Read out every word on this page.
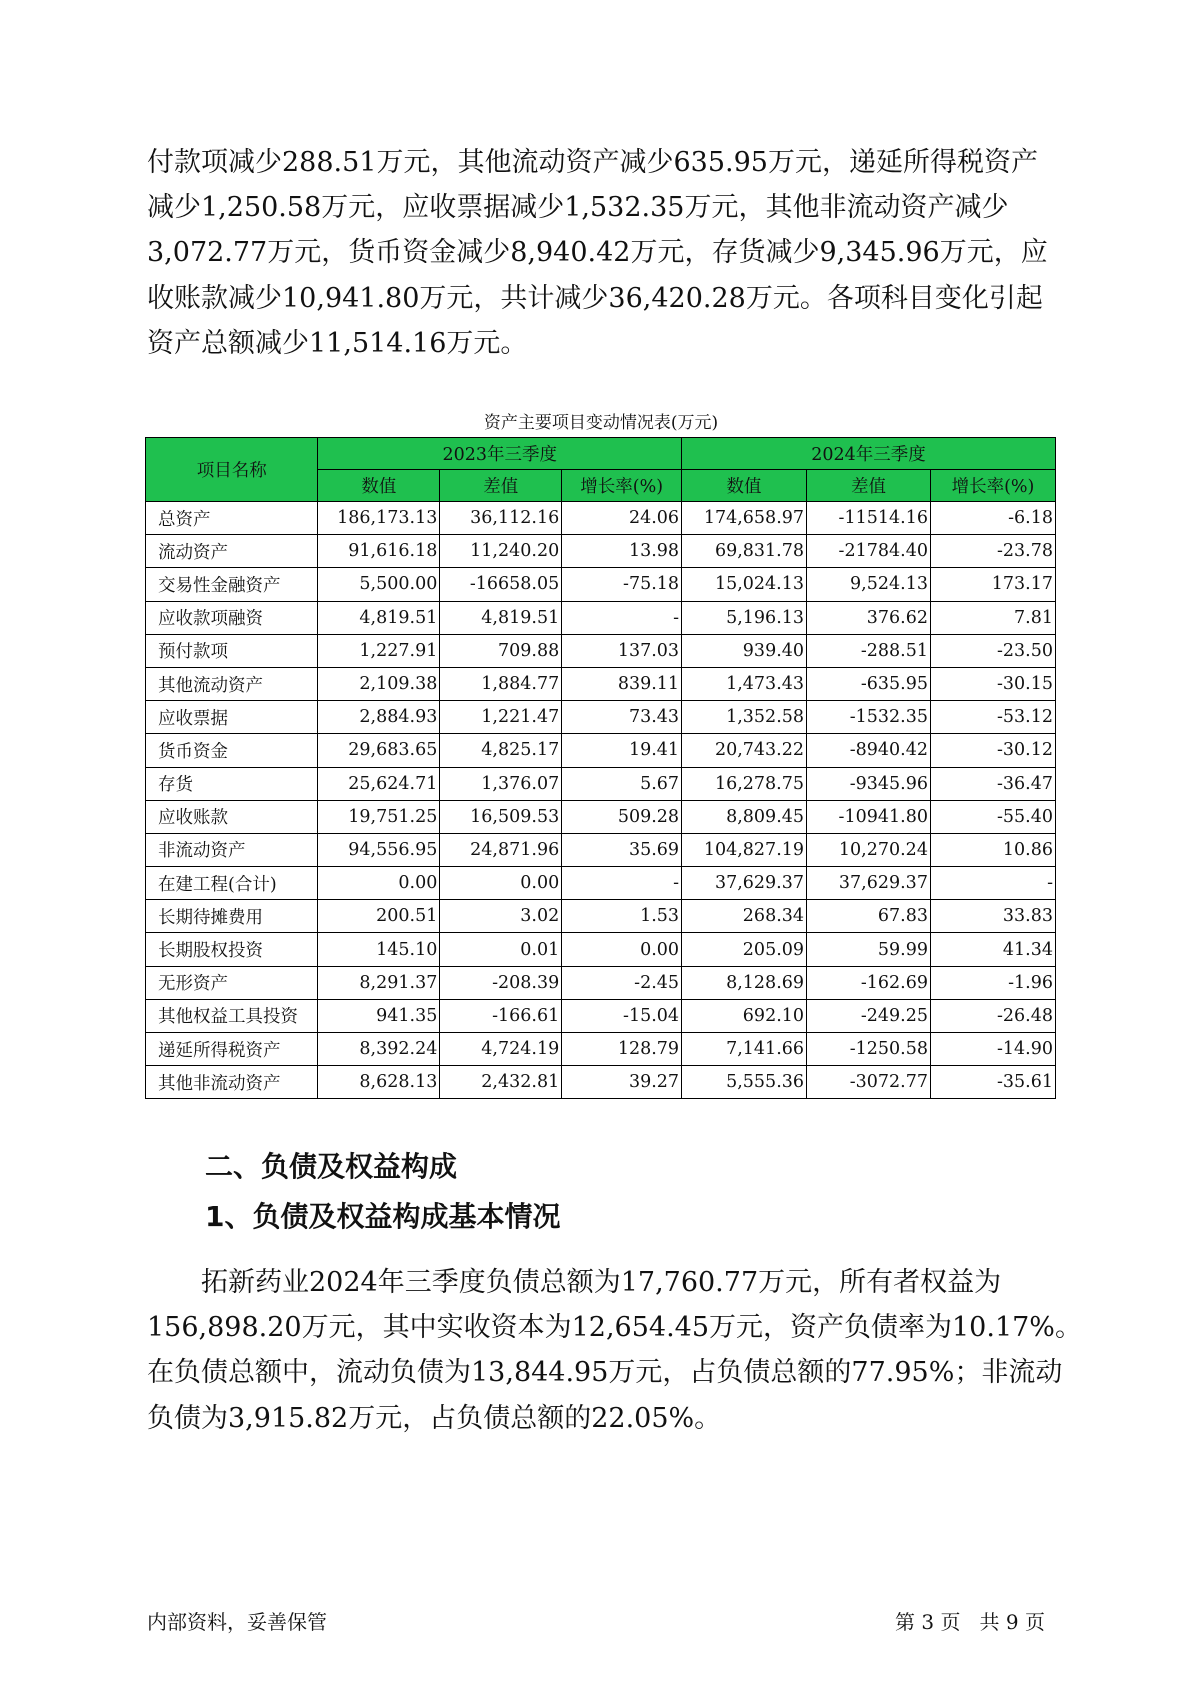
付款项减少288.51万元，其他流动资产减少635.95万元，递延所得税资产
减少1,250.58万元，应收票据减少1,532.35万元，其他非流动资产减少
3,072.77万元，货币资金减少8,940.42万元，存货减少9,345.96万元，应
收账款减少10,941.80万元，共计减少36,420.28万元。各项科目变化引起
资产总额减少11,514.16万元。
资产主要项目变动情况表(万元)
项目名称	2023年三季度			2024年三季度		
	数值	差值	增长率(%)	数值	差值	增长率(%)
总资产	186,173.13	36,112.16	24.06	174,658.97	-11514.16	-6.18
流动资产	91,616.18	11,240.20	13.98	69,831.78	-21784.40	-23.78
交易性金融资产	5,500.00	-16658.05	-75.18	15,024.13	9,524.13	173.17
应收款项融资	4,819.51	4,819.51	-	5,196.13	376.62	7.81
预付款项	1,227.91	709.88	137.03	939.40	-288.51	-23.50
其他流动资产	2,109.38	1,884.77	839.11	1,473.43	-635.95	-30.15
应收票据	2,884.93	1,221.47	73.43	1,352.58	-1532.35	-53.12
货币资金	29,683.65	4,825.17	19.41	20,743.22	-8940.42	-30.12
存货	25,624.71	1,376.07	5.67	16,278.75	-9345.96	-36.47
应收账款	19,751.25	16,509.53	509.28	8,809.45	-10941.80	-55.40
非流动资产	94,556.95	24,871.96	35.69	104,827.19	10,270.24	10.86
在建工程(合计)	0.00	0.00	-	37,629.37	37,629.37	-
长期待摊费用	200.51	3.02	1.53	268.34	67.83	33.83
长期股权投资	145.10	0.01	0.00	205.09	59.99	41.34
无形资产	8,291.37	-208.39	-2.45	8,128.69	-162.69	-1.96
其他权益工具投资	941.35	-166.61	-15.04	692.10	-249.25	-26.48
递延所得税资产	8,392.24	4,724.19	128.79	7,141.66	-1250.58	-14.90
其他非流动资产	8,628.13	2,432.81	39.27	5,555.36	-3072.77	-35.61
二、负债及权益构成
1、负债及权益构成基本情况
拓新药业2024年三季度负债总额为17,760.77万元，所有者权益为
156,898.20万元，其中实收资本为12,654.45万元，资产负债率为10.17%。
在负债总额中，流动负债为13,844.95万元，占负债总额的77.95%；非流动
负债为3,915.82万元，占负债总额的22.05%。
内部资料，妥善保管	第 3 页   共 9 页
